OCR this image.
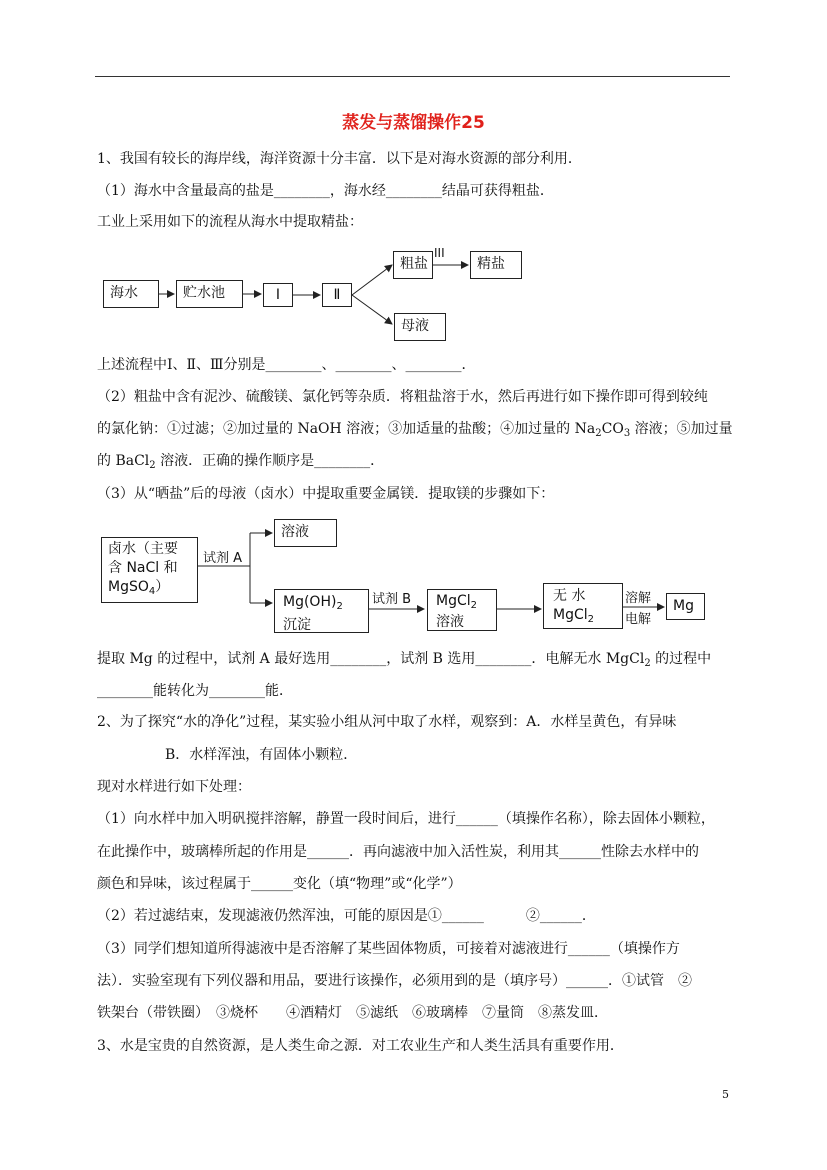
蒸发与蒸馏操作25
1、我国有较长的海岸线，海洋资源十分丰富．以下是对海水资源的部分利用．
（1）海水中含量最高的盐是________，海水经________结晶可获得粗盐．
工业上采用如下的流程从海水中提取精盐：
海水	贮水池	Ⅰ	Ⅱ
粗盐
III
精盐
母液
上述流程中Ⅰ、Ⅱ、Ⅲ分别是________、________、________．
（2）粗盐中含有泥沙、硫酸镁、氯化钙等杂质．将粗盐溶于水，然后再进行如下操作即可得到较纯
的氯化钠：①过滤；②加过量的 NaOH 溶液；③加适量的盐酸；④加过量的 $Na_2CO_3$ 溶液；⑤加过量
的 BaCl$_2$ 溶液．正确的操作顺序是________．
（3）从“晒盐”后的母液（卤水）中提取重要金属镁．提取镁的步骤如下：
卤水（主要
含 NaCl 和
MgSO$_4$）
试剂 A
溶液
$Mg(OH)_2$
沉淀
试剂 B MgCl$_2$
溶液
无 水
MgCl$_2$
溶解
电解
Mg
提取 Mg 的过程中，试剂 A 最好选用________，试剂 B 选用________．电解无水 MgCl$_2$ 的过程中
________能转化为________能．
2、为了探究“水的净化”过程，某实验小组从河中取了水样，观察到：A．水样呈黄色，有异味
B．水样浑浊，有固体小颗粒．
现对水样进行如下处理：
（1）向水样中加入明矾搅拌溶解，静置一段时间后，进行______（填操作名称），除去固体小颗粒，
在此操作中，玻璃棒所起的作用是______．再向滤液中加入活性炭，利用其______性除去水样中的
颜色和异味，该过程属于______变化（填“物理”或“化学”）
（2）若过滤结束，发现滤液仍然浑浊，可能的原因是①______　　　②______．
（3）同学们想知道所得滤液中是否溶解了某些固体物质，可接着对滤液进行______（填操作方
法）．实验室现有下列仪器和用品，要进行该操作，必须用到的是（填序号）______．①试管　②
铁架台（带铁圈）　③烧杯　　④酒精灯　⑤滤纸　⑥玻璃棒　⑦量筒　⑧蒸发皿．
3、水是宝贵的自然资源，是人类生命之源．对工农业生产和人类生活具有重要作用．
5
